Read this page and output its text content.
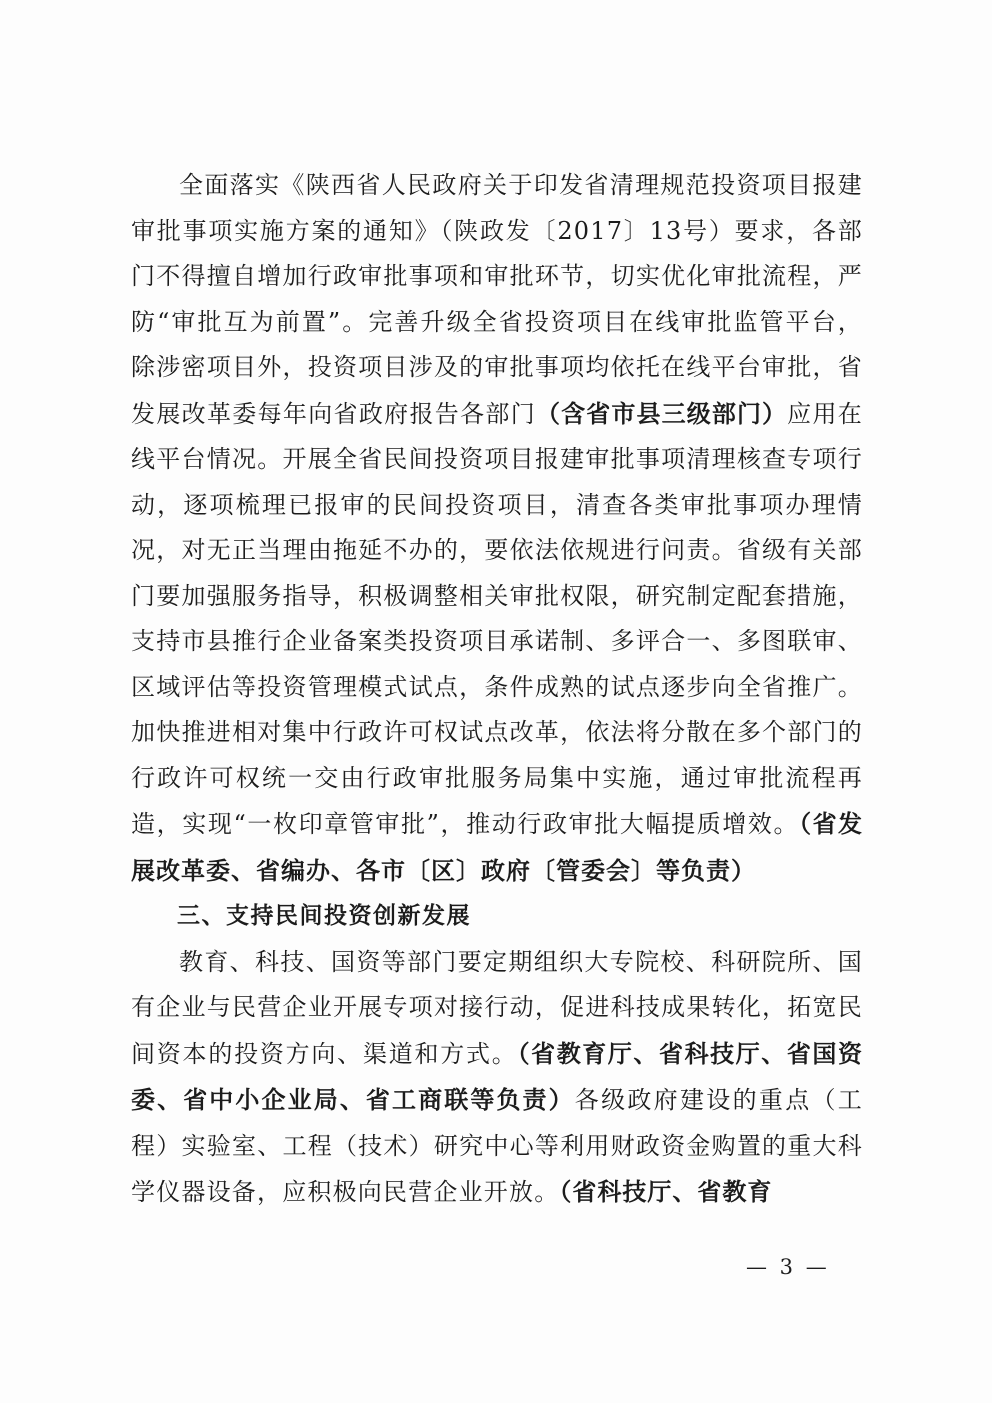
全面落实《陕西省人民政府关于印发省清理规范投资项目报建审批事项实施方案的通知》（陕政发〔2017〕13号）要求，各部门不得擅自增加行政审批事项和审批环节，切实优化审批流程，严防“审批互为前置”。完善升级全省投资项目在线审批监管平台，除涉密项目外，投资项目涉及的审批事项均依托在线平台审批，省发展改革委每年向省政府报告各部门（含省市县三级部门）应用在线平台情况。开展全省民间投资项目报建审批事项清理核查专项行动，逐项梳理已报审的民间投资项目，清查各类审批事项办理情况，对无正当理由拖延不办的，要依法依规进行问责。省级有关部门要加强服务指导，积极调整相关审批权限，研究制定配套措施，支持市县推行企业备案类投资项目承诺制、多评合一、多图联审、区域评估等投资管理模式试点，条件成熟的试点逐步向全省推广。加快推进相对集中行政许可权试点改革，依法将分散在多个部门的行政许可权统一交由行政审批服务局集中实施，通过审批流程再造，实现“一枚印章管审批”，推动行政审批大幅提质增效。（省发展改革委、省编办、各市〔区〕政府〔管委会〕等负责）

三、支持民间投资创新发展

教育、科技、国资等部门要定期组织大专院校、科研院所、国有企业与民营企业开展专项对接行动，促进科技成果转化，拓宽民间资本的投资方向、渠道和方式。（省教育厅、省科技厅、省国资委、省中小企业局、省工商联等负责）各级政府建设的重点（工程）实验室、工程（技术）研究中心等利用财政资金购置的重大科学仪器设备，应积极向民营企业开放。（省科技厅、省教育

— 3 —
